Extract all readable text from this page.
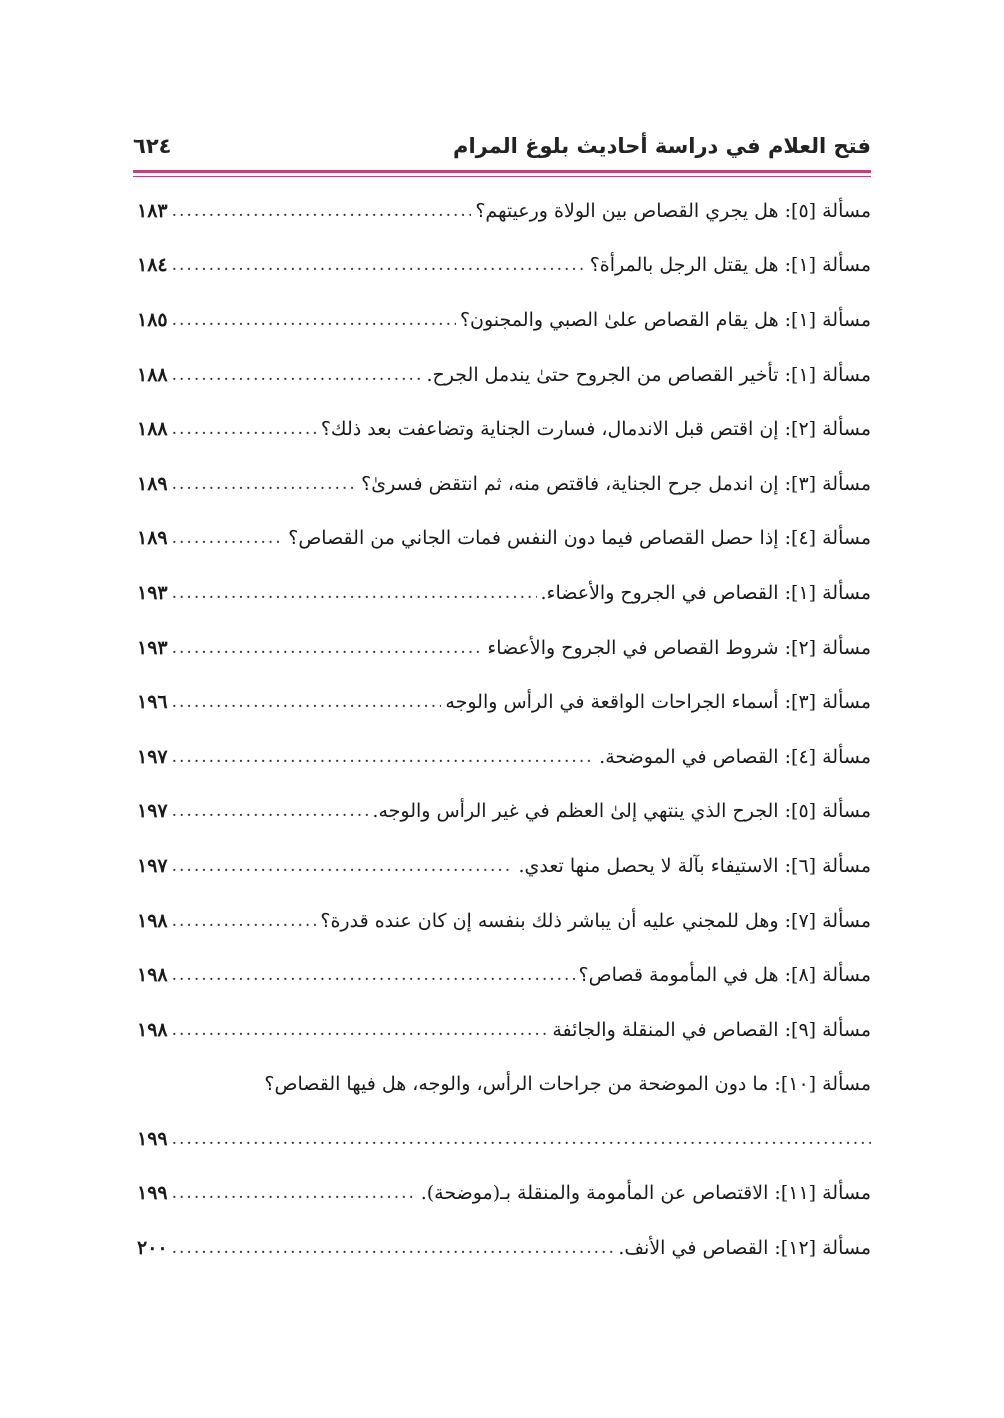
فتح العلام في دراسة أحاديث بلوغ المرام
٦٢٤
مسألة [٥]: هل يجري القصاص بين الولاة ورعيتهم؟
.....
١٨٣
مسألة [١]: هل يقتل الرجل بالمرأة؟
.....
١٨٤
مسألة [١]: هل يقام القصاص علىٰ الصبي والمجنون؟
.....
١٨٥
مسألة [١]: تأخير القصاص من الجروح حتىٰ يندمل الجرح.
.....
١٨٨
مسألة [٢]: إن اقتص قبل الاندمال، فسارت الجناية وتضاعفت بعد ذلك؟
.....
١٨٨
مسألة [٣]: إن اندمل جرح الجناية، فاقتص منه، ثم انتقض فسرىٰ؟
.....
١٨٩
مسألة [٤]: إذا حصل القصاص فيما دون النفس فمات الجاني من القصاص؟
.....
١٨٩
مسألة [١]: القصاص في الجروح والأعضاء.
.....
١٩٣
مسألة [٢]: شروط القصاص في الجروح والأعضاء
.....
١٩٣
مسألة [٣]: أسماء الجراحات الواقعة في الرأس والوجه
.....
١٩٦
مسألة [٤]: القصاص في الموضحة.
.....
١٩٧
مسألة [٥]: الجرح الذي ينتهي إلىٰ العظم في غير الرأس والوجه.
.....
١٩٧
مسألة [٦]: الاستيفاء بآلة لا يحصل منها تعدي.
.....
١٩٧
مسألة [٧]: وهل للمجني عليه أن يباشر ذلك بنفسه إن كان عنده قدرة؟
.....
١٩٨
مسألة [٨]: هل في المأمومة قصاص؟
.....
١٩٨
مسألة [٩]: القصاص في المنقلة والجائفة
.....
١٩٨
مسألة [١٠]: ما دون الموضحة من جراحات الرأس، والوجه، هل فيها القصاص؟
.....
١٩٩
مسألة [١١]: الاقتصاص عن المأمومة والمنقلة بـ(موضحة).
.....
١٩٩
مسألة [١٢]: القصاص في الأنف.
.....
٢٠٠
